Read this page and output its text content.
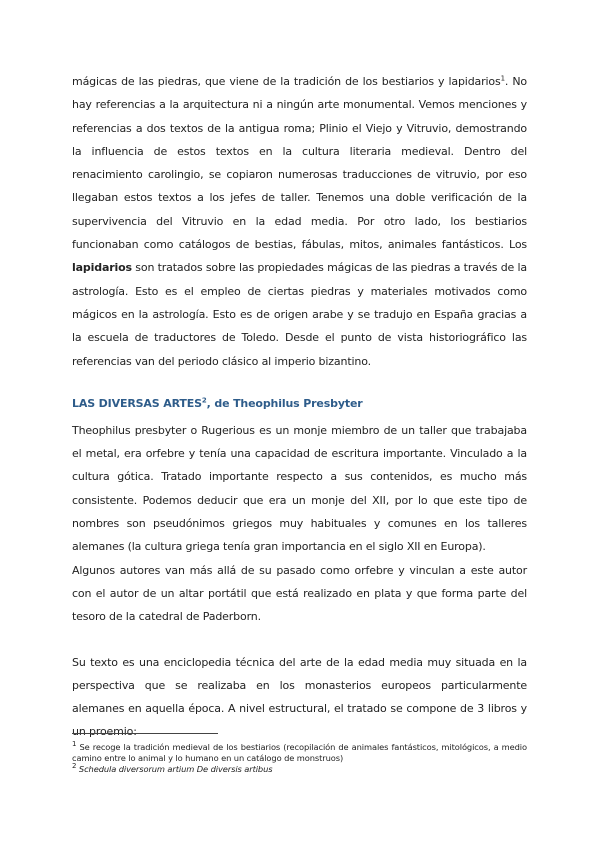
mágicas de las piedras, que viene de la tradición de los bestiarios y lapidarios$^1$. No hay referencias a la arquitectura ni a ningún arte monumental. Vemos menciones y referencias a dos textos de la antigua roma; Plinio el Viejo y Vitruvio, demostrando la influencia de estos textos en la cultura literaria medieval. Dentro del renacimiento carolingio, se copiaron numerosas traducciones de vitruvio, por eso llegaban estos textos a los jefes de taller. Tenemos una doble verificación de la supervivencia del Vitruvio en la edad media. Por otro lado, los bestiarios funcionaban como catálogos de bestias, fábulas, mitos, animales fantásticos. Los lapidarios son tratados sobre las propiedades mágicas de las piedras a través de la astrología. Esto es el empleo de ciertas piedras y materiales motivados como mágicos en la astrología. Esto es de origen arabe y se tradujo en España gracias a la escuela de traductores de Toledo. Desde el punto de vista historiográfico las referencias van del periodo clásico al imperio bizantino.

LAS DIVERSAS ARTES$^2$, de Theophilus Presbyter

Theophilus presbyter o Rugerious es un monje miembro de un taller que trabajaba el metal, era orfebre y tenía una capacidad de escritura importante. Vinculado a la cultura gótica. Tratado importante respecto a sus contenidos, es mucho más consistente. Podemos deducir que era un monje del XII, por lo que este tipo de nombres son pseudónimos griegos muy habituales y comunes en los talleres alemanes (la cultura griega tenía gran importancia en el siglo XII en Europa).

Algunos autores van más allá de su pasado como orfebre y vinculan a este autor con el autor de un altar portátil que está realizado en plata y que forma parte del tesoro de la catedral de Paderborn.

Su texto es una enciclopedia técnica del arte de la edad media muy situada en la perspectiva que se realizaba en los monasterios europeos particularmente alemanes en aquella época. A nivel estructural, el tratado se compone de 3 libros y un proemio:

$^1$ Se recoge la tradición medieval de los bestiarios (recopilación de animales fantásticos, mitológicos, a medio camino entre lo animal y lo humano en un catálogo de monstruos)

$^2$ Schedula diversorum artium De diversis artibus
